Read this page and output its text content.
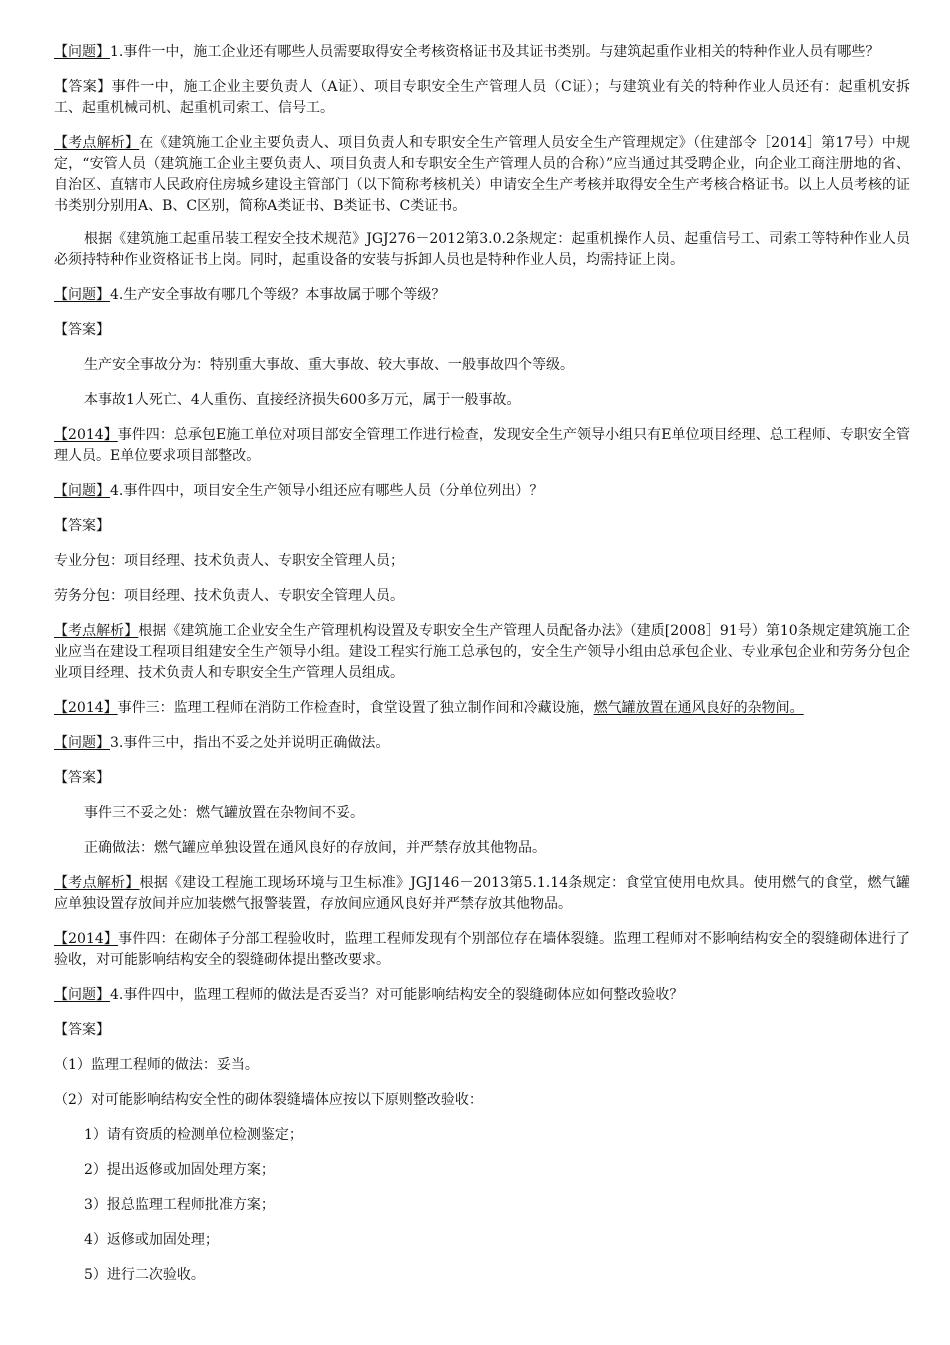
【问题】1.事件一中，施工企业还有哪些人员需要取得安全考核资格证书及其证书类别。与建筑起重作业相关的特种作业人员有哪些？

【答案】事件一中，施工企业主要负责人（A证）、项目专职安全生产管理人员（C证）；与建筑业有关的特种作业人员还有：起重机安拆工、起重机械司机、起重机司索工、信号工。

【考点解析】在《建筑施工企业主要负责人、项目负责人和专职安全生产管理人员安全生产管理规定》（住建部令［2014］第17号）中规定，“安管人员（建筑施工企业主要负责人、项目负责人和专职安全生产管理人员的合称）”应当通过其受聘企业，向企业工商注册地的省、自治区、直辖市人民政府住房城乡建设主管部门（以下简称考核机关）申请安全生产考核并取得安全生产考核合格证书。以上人员考核的证书类别分别用A、B、C区别，简称A类证书、B类证书、C类证书。

根据《建筑施工起重吊装工程安全技术规范》JGJ276－2012第3.0.2条规定：起重机操作人员、起重信号工、司索工等特种作业人员必须持特种作业资格证书上岗。同时，起重设备的安装与拆卸人员也是特种作业人员，均需持证上岗。

【问题】4.生产安全事故有哪几个等级？本事故属于哪个等级？

【答案】

生产安全事故分为：特别重大事故、重大事故、较大事故、一般事故四个等级。

本事故1人死亡、4人重伤、直接经济损失600多万元，属于一般事故。

【2014】事件四：总承包E施工单位对项目部安全管理工作进行检查，发现安全生产领导小组只有E单位项目经理、总工程师、专职安全管理人员。E单位要求项目部整改。

【问题】4.事件四中，项目安全生产领导小组还应有哪些人员（分单位列出）？

【答案】

专业分包：项目经理、技术负责人、专职安全管理人员；

劳务分包：项目经理、技术负责人、专职安全管理人员。

【考点解析】根据《建筑施工企业安全生产管理机构设置及专职安全生产管理人员配备办法》（建质[2008］91号）第10条规定建筑施工企业应当在建设工程项目组建安全生产领导小组。建设工程实行施工总承包的，安全生产领导小组由总承包企业、专业承包企业和劳务分包企业项目经理、技术负责人和专职安全生产管理人员组成。

【2014】事件三：监理工程师在消防工作检查时，食堂设置了独立制作间和冷藏设施，燃气罐放置在通风良好的杂物间。

【问题】3.事件三中，指出不妥之处并说明正确做法。

【答案】

事件三不妥之处：燃气罐放置在杂物间不妥。

正确做法：燃气罐应单独设置在通风良好的存放间，并严禁存放其他物品。

【考点解析】根据《建设工程施工现场环境与卫生标准》JGJ146－2013第5.1.14条规定：食堂宜使用电炊具。使用燃气的食堂，燃气罐应单独设置存放间并应加装燃气报警装置，存放间应通风良好并严禁存放其他物品。

【2014】事件四：在砌体子分部工程验收时，监理工程师发现有个别部位存在墙体裂缝。监理工程师对不影响结构安全的裂缝砌体进行了验收，对可能影响结构安全的裂缝砌体提出整改要求。

【问题】4.事件四中，监理工程师的做法是否妥当？对可能影响结构安全的裂缝砌体应如何整改验收？

【答案】

（1）监理工程师的做法：妥当。

（2）对可能影响结构安全性的砌体裂缝墙体应按以下原则整改验收：

1）请有资质的检测单位检测鉴定；

2）提出返修或加固处理方案；

3）报总监理工程师批准方案；

4）返修或加固处理；

5）进行二次验收。
